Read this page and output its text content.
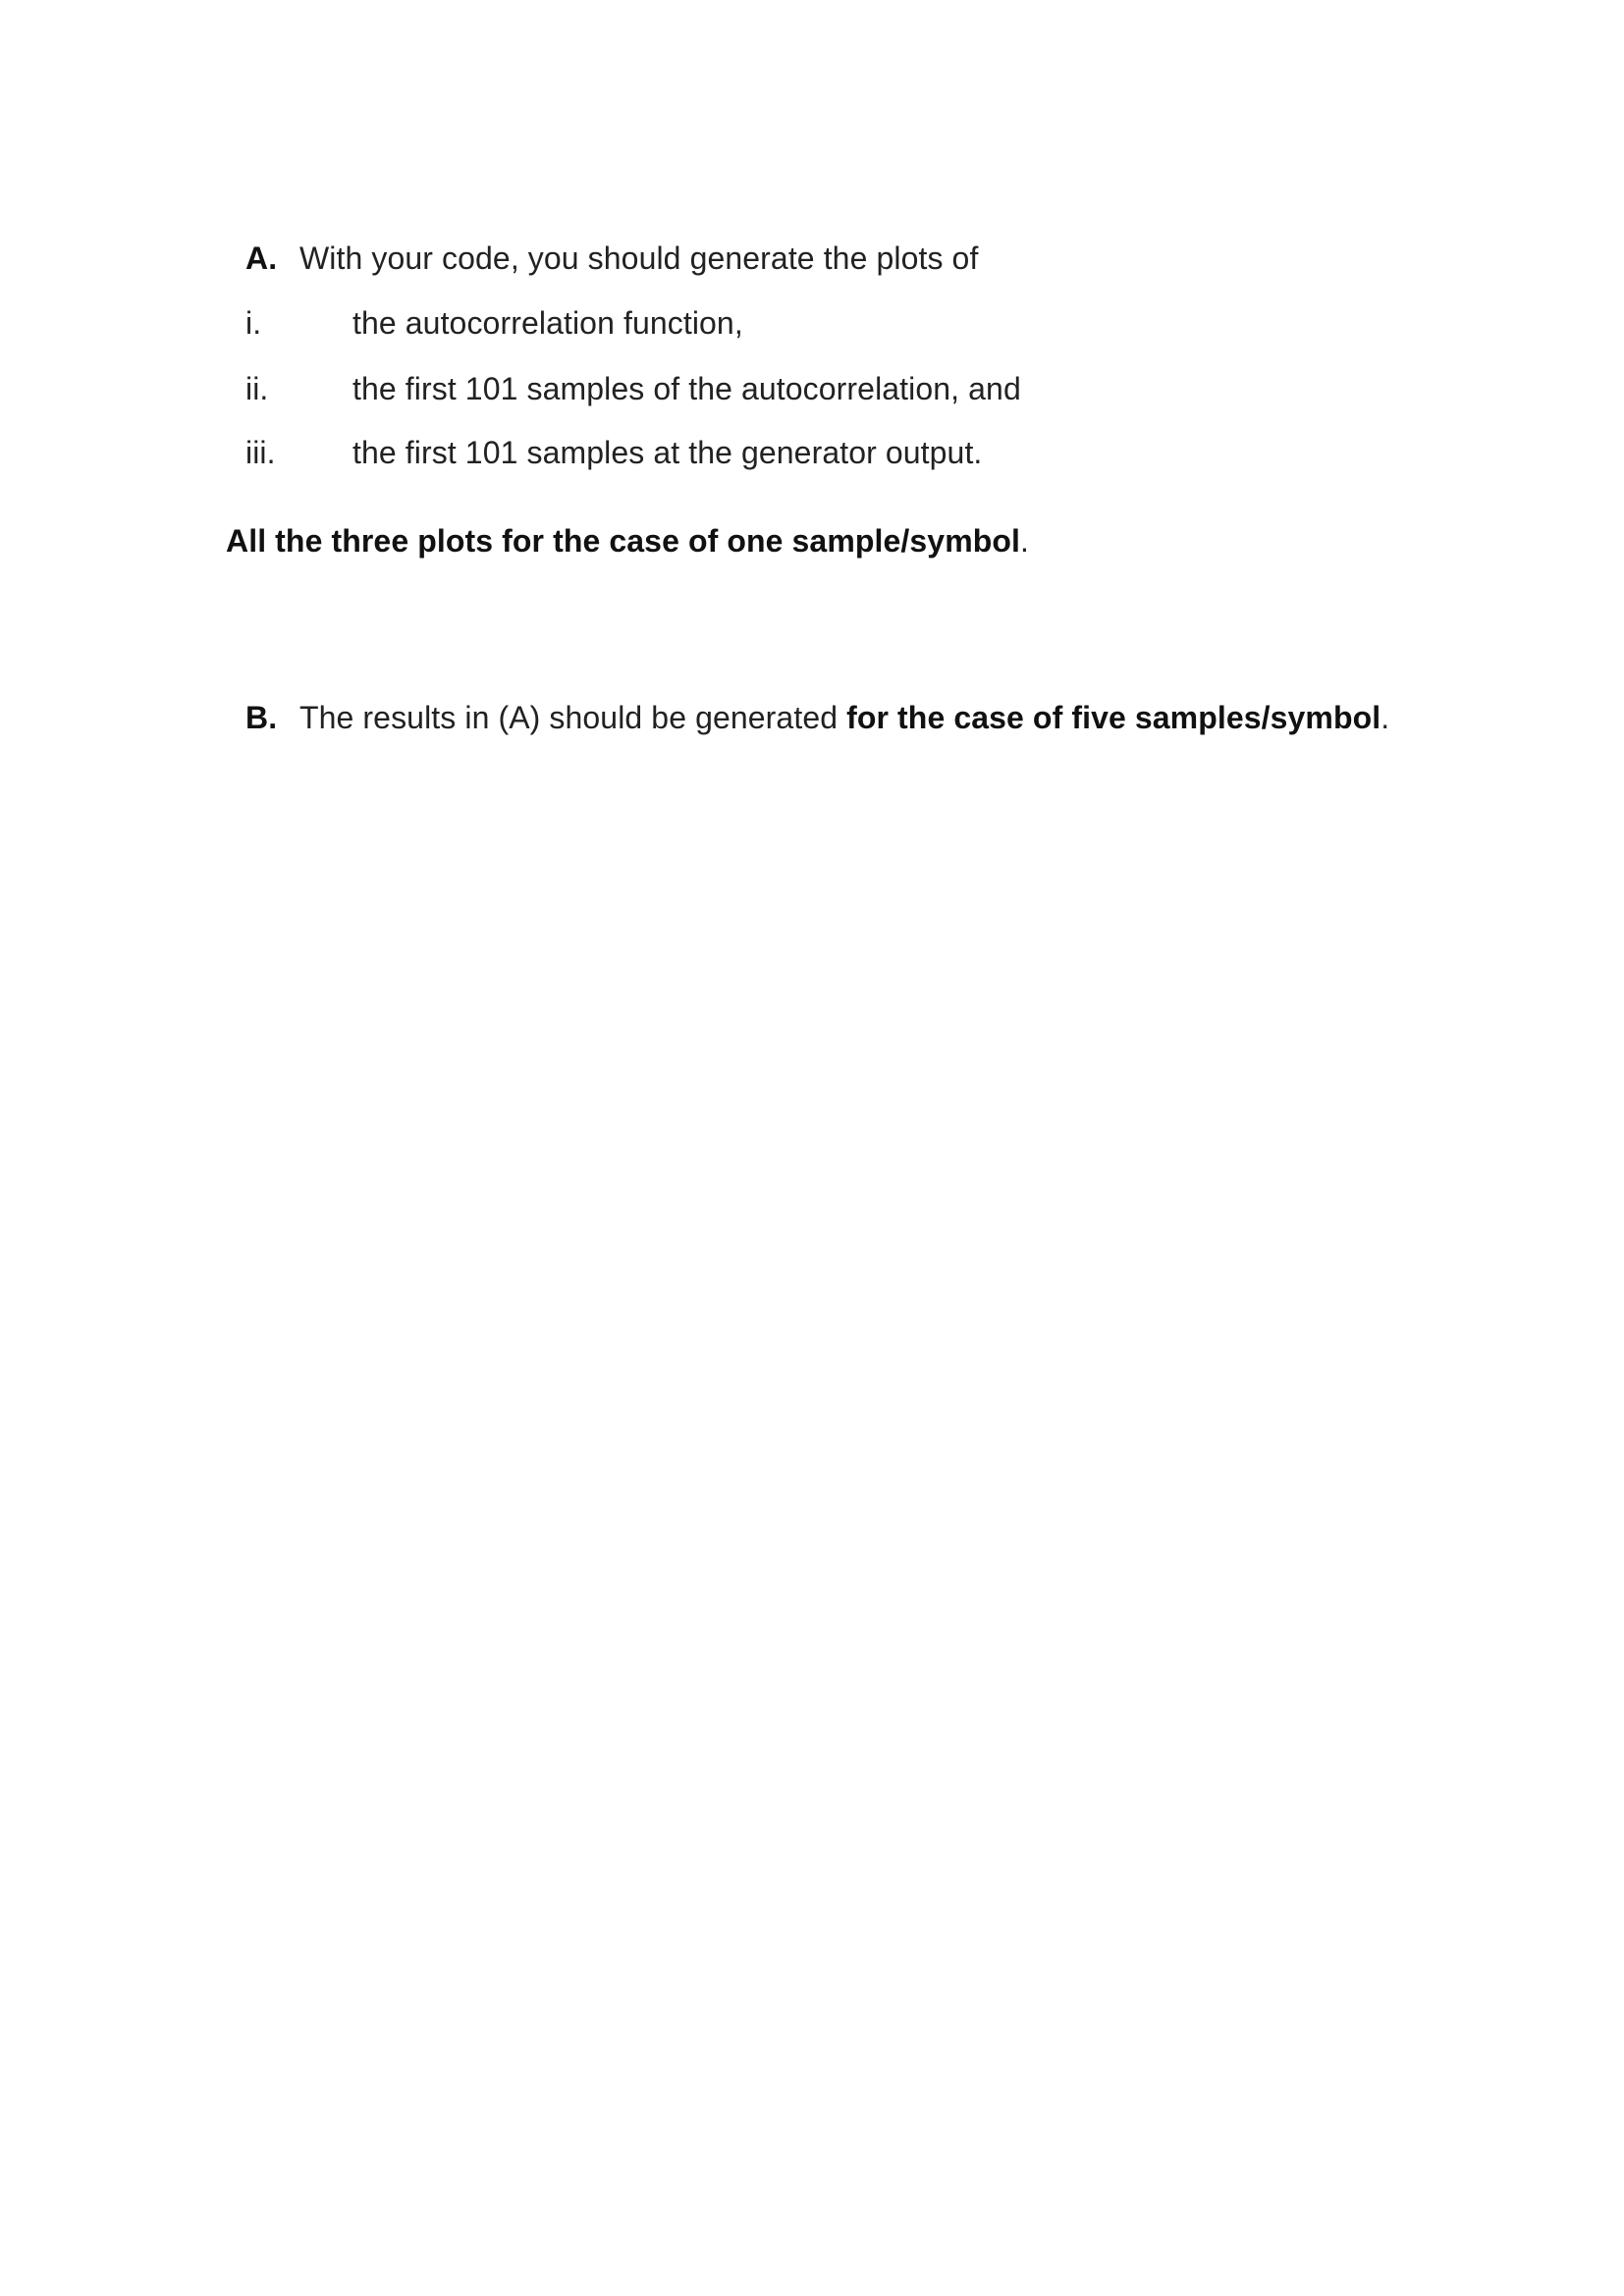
A. With your code, you should generate the plots of
i.	the autocorrelation function,
ii.	the first 101 samples of the autocorrelation, and
iii. the first 101 samples at the generator output.
All the three plots for the case of one sample/symbol.
B. The results in (A) should be generated for the case of five samples/symbol.
